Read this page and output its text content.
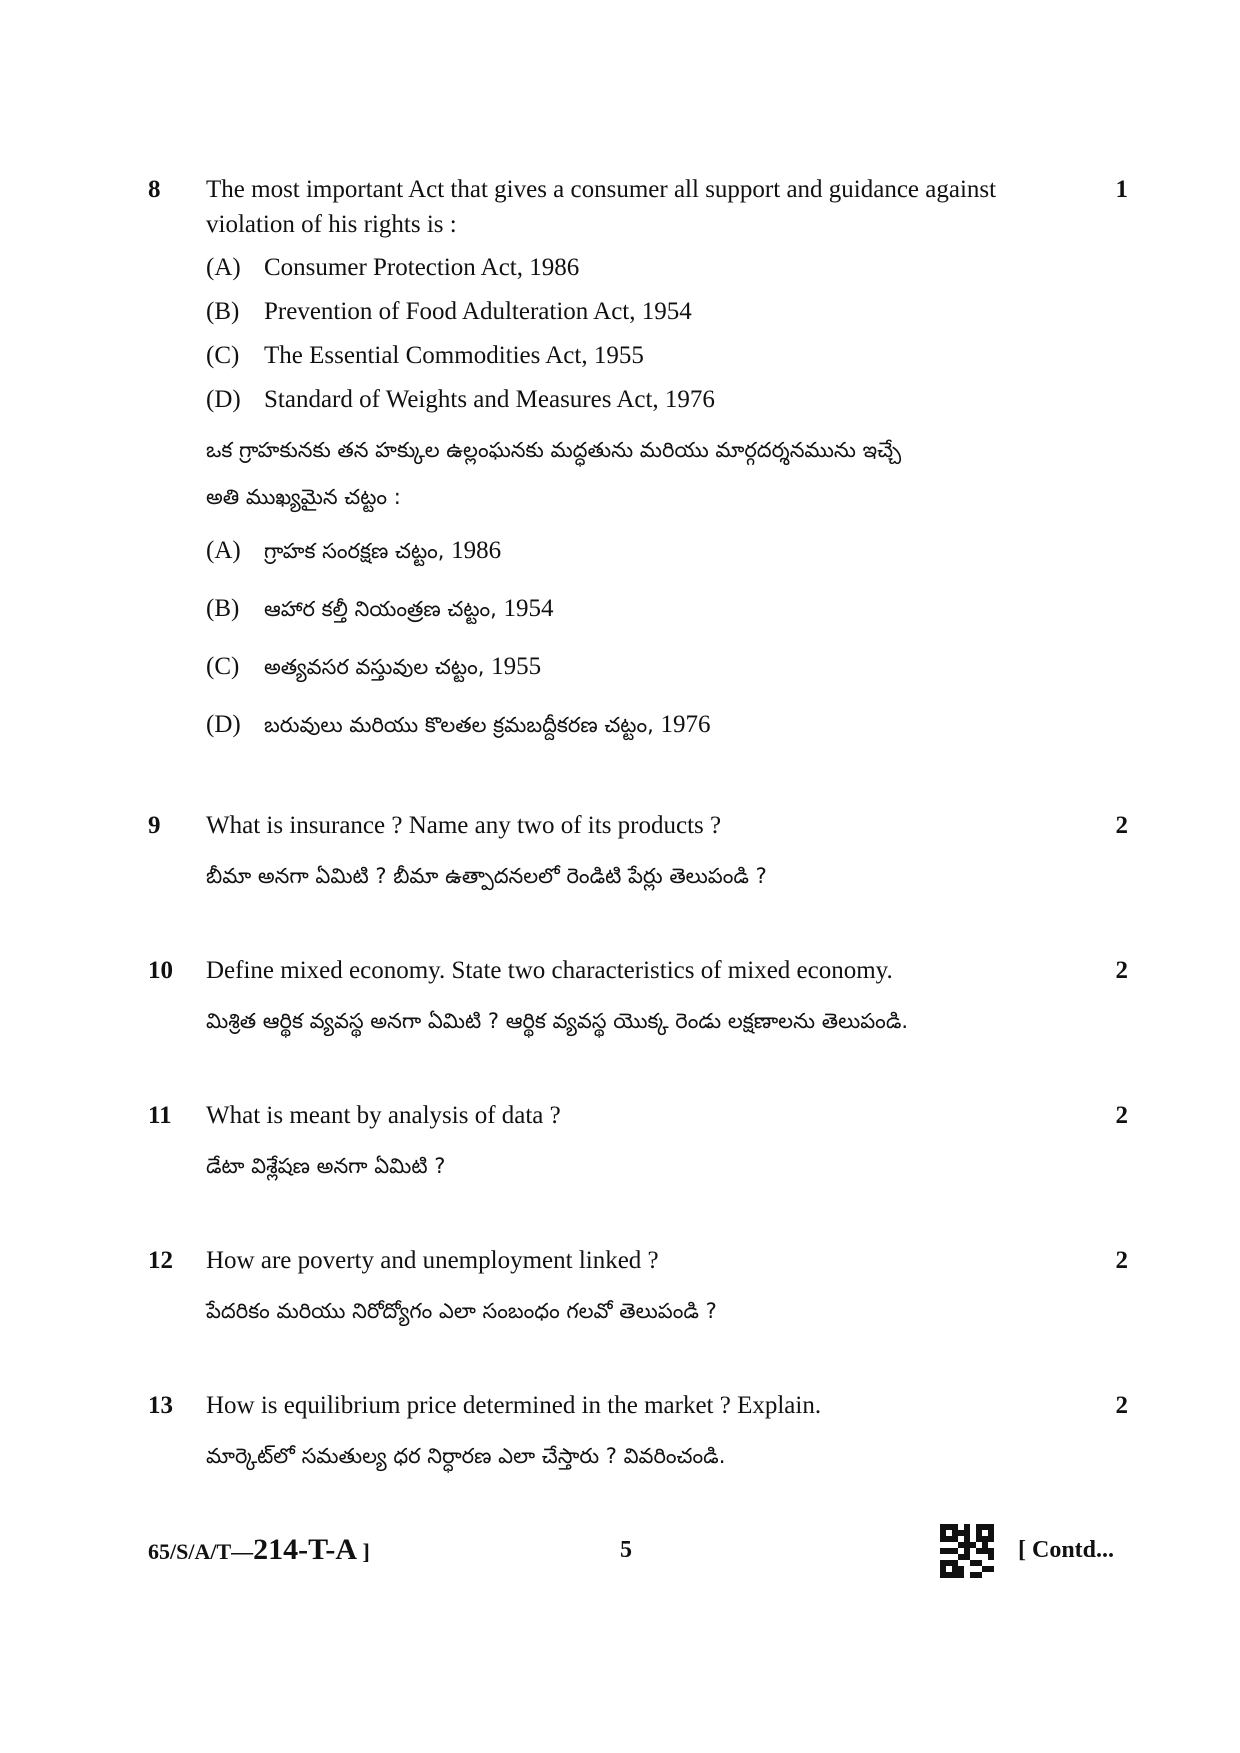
8 The most important Act that gives a consumer all support and guidance against

violation of his rights is :

(A) Consumer Protection Act, 1986
(B) Prevention of Food Adulteration Act, 1954
(C) The Essential Commodities Act, 1955
(D) Standard of Weights and Measures Act, 1976

ఒక గ్రాహకునకు తన హక్కుల ఉల్లంఘనకు మద్ధతును మరియు మార్గదర్శనమును ఇచ్చే

అతి ముఖ్యమైన చట్టం :

(A)	గ్రాహక సంరక్షణ చట్టం, 1986
(B)	ఆహార కల్తీ నియంత్రణ చట్టం, 1954
(C)	అత్యవసర వస్తువుల చట్టం, 1955
(D)	బరువులు మరియు కొలతల క్రమబద్దీకరణ చట్టం, 1976
1
9 What is insurance ? Name any two of its products ?

బీమా అనగా ఏమిటి ? బీమా ఉత్పాదనలలో రెండిటి పేర్లు తెలుపండి ?

2
10 Define mixed economy. State two characteristics of mixed economy.

మిశ్రిత ఆర్థిక వ్యవస్థ అనగా ఏమిటి ? ఆర్థిక వ్యవస్థ యొక్క రెండు లక్షణాలను తెలుపండి.

2
11 What is meant by analysis of data ?

డేటా విశ్లేషణ అనగా ఏమిటి ?

2
12 How are poverty and unemployment linked ?

పేదరికం మరియు నిరోద్యోగం ఎలా సంబంధం గలవో తెలుపండి ?

2
13 How is equilibrium price determined in the market ? Explain.

మార్కెట్‌లో సమతుల్య ధర నిర్ధారణ ఎలా చేస్తారు ? వివరించండి.

2
65/S/A/T—214-T-A ]	5	[ Contd...
